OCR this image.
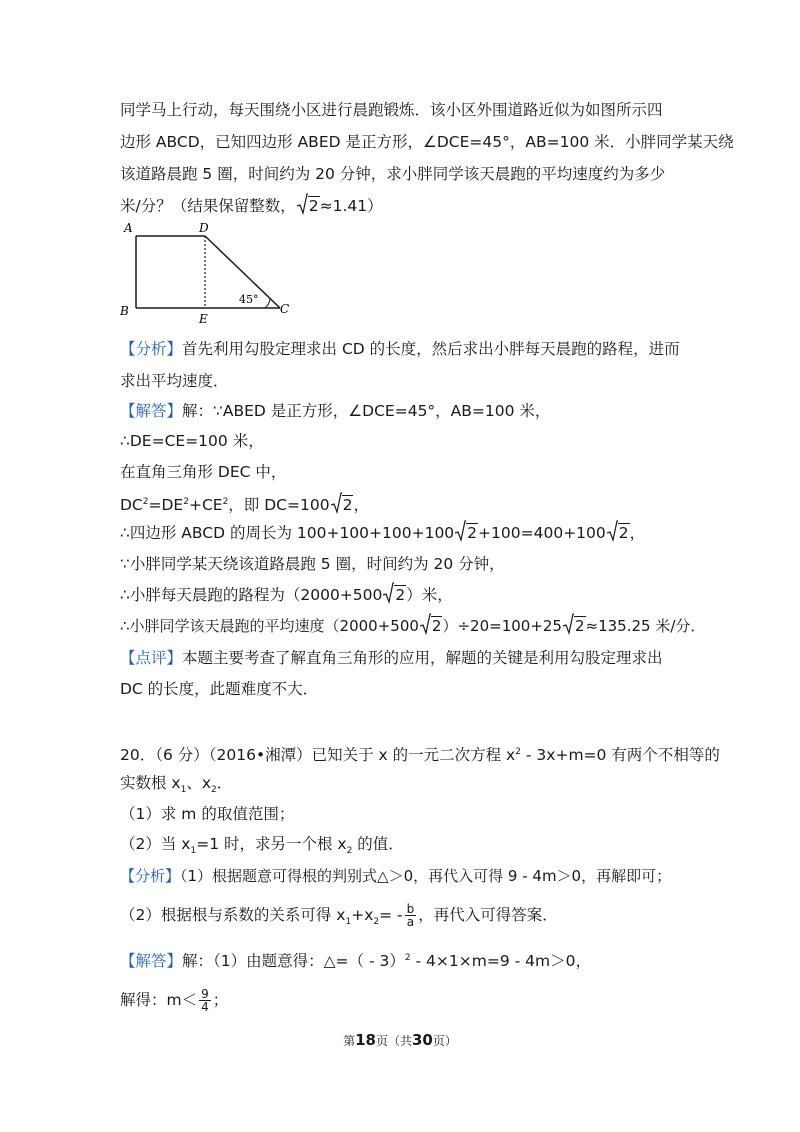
同学马上行动，每天围绕小区进行晨跑锻炼．该小区外围道路近似为如图所示四
边形 ABCD，已知四边形 ABED 是正方形，∠DCE=45°，AB=100 米．小胖同学某天绕
该道路晨跑 5 圈，时间约为 20 分钟，求小胖同学该天晨跑的平均速度约为多少
米/分？（结果保留整数， 2≈1.41）
A	D
B
E
C
45°
【分析】首先利用勾股定理求出 CD 的长度，然后求出小胖每天晨跑的路程，进而
求出平均速度．
【解答】解：∵ABED 是正方形，∠DCE=45°，AB=100 米，
∴DE=CE=100 米，
在直角三角形 DEC 中，
$DC^2=DE^2+CE^2$，即 DC=100 2，
∴四边形 ABCD 的周长为 100+100+100+100 2+100=400+100 2，
∵小胖同学某天绕该道路晨跑 5 圈，时间约为 20 分钟，
∴小胖每天晨跑的路程为（2000+500 2）米，
∴小胖同学该天晨跑的平均速度（2000+500 2）÷20=100+25 2≈135.25 米/分．
【点评】本题主要考查了解直角三角形的应用，解题的关键是利用勾股定理求出
DC 的长度，此题难度不大．
20．（6 分）（2016•湘潭）已知关于 x 的一元二次方程 $x^2 - 3x+m=0$ 有两个不相等的
实数根 $x_1$、$x_2$．
（1）求 m 的取值范围；
（2）当 $x_1=1$ 时，求另一个根 $x_2$ 的值．
【分析】（1）根据题意可得根的判别式△＞0，再代入可得 9 - 4m＞0，再解即可；
（2）根据根与系数的关系可得 $x_1+x_2= - \frac{b}{a}$ ，再代入可得答案．
【解答】解：（1）由题意得：△=（ - 3）$^2$ - 4×1×m=9 - 4m＞0，
解得：$m< \frac{9}{4}$ ；
第18页（共30页）
